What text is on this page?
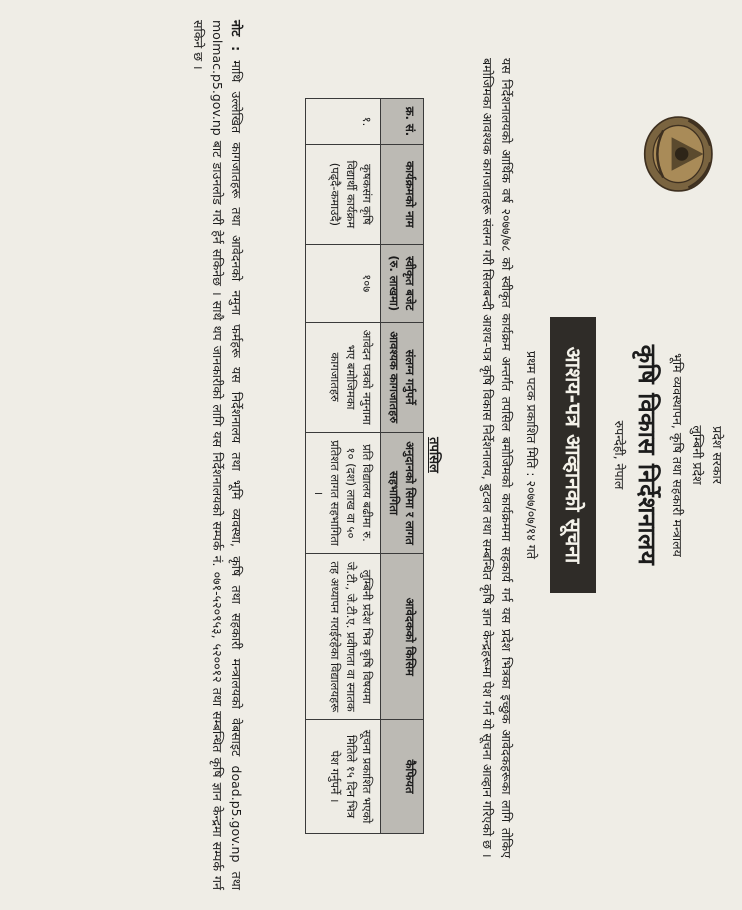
प्रदेश सरकार
लुम्बिनी प्रदेश
भूमि व्यवस्थापन, कृषि तथा सहकारी मन्त्रालय
कृषि विकास निर्देशनालय
रुपन्देही, नेपाल
आशय-पत्र आव्हानको सूचना
प्रथम पटक प्रकाशित मिति : २०७७/०७/१४ गते
यस निर्देशनालयको आर्थिक वर्ष २०७७/७८ को स्वीकृत कार्यक्रम अन्तर्गत तपसिल बमोजिमको कार्यक्रममा सहकार्य गर्न यस प्रदेश भित्रका इच्छुक आवेदकहरूका लागि तोकिए बमोजिमका आवश्यक कागजातहरू संलग्न गरी सिलबन्दी आशय-पत्र कृषि विकास निर्देशनालय, बुटवल तथा सम्बन्धित कृषि ज्ञान केन्द्रहरूमा पेश गर्न यो सूचना आव्हान गरिएको छ ।
तपसिल
क्र. सं.	कार्यक्रमको नाम	स्वीकृत बजेट (रु. लाखमा)	संलग्न गर्नुपर्ने आवश्यक कागजातहरु	अनुदानको सिमा र लागत सहभागिता	आवेदकको किसिम	कैफियत
१.	कृषकसंग कृषि विद्यार्थी कार्यक्रम (पढ्दै-कमाउदै)	१०७	आवेदन पत्रको नमुनामा भए बमोजिमका कागजातहरु	प्रति विद्यालय बढीमा रु. १० (दश) लाख वा ५० प्रतिशत लागत सहभागिता ।	लुम्बिनी प्रदेश भित्र कृषि विषयमा जे.टी., जे.टी.ए. प्रवीणता वा स्नातक तह अध्यापन गराईरहेका विद्यालयहरू	सूचना प्रकाशित भएको मितिले १५ दिन भित्र पेश गर्नुपर्ने ।
नोट : माथि उल्लेखित कागजातहरू तथा आवेदनको नमुना फर्महरू यस निर्देशनालय तथा भूमि व्यवस्था, कृषि तथा सहकारी मन्त्रालयको वेबसाइट doad.p5.gov.np तथा molmac.p5.gov.np बाट डाउनलोड गरी हेर्न सकिनेछ । साथै थप जानकारीको लागि यस निर्देशनालयको सम्पर्क नं. ०७१-५२०९५३, ५२००१२ तथा सम्बन्धित कृषि ज्ञान केन्द्रमा सम्पर्क गर्न सकिने छ ।
